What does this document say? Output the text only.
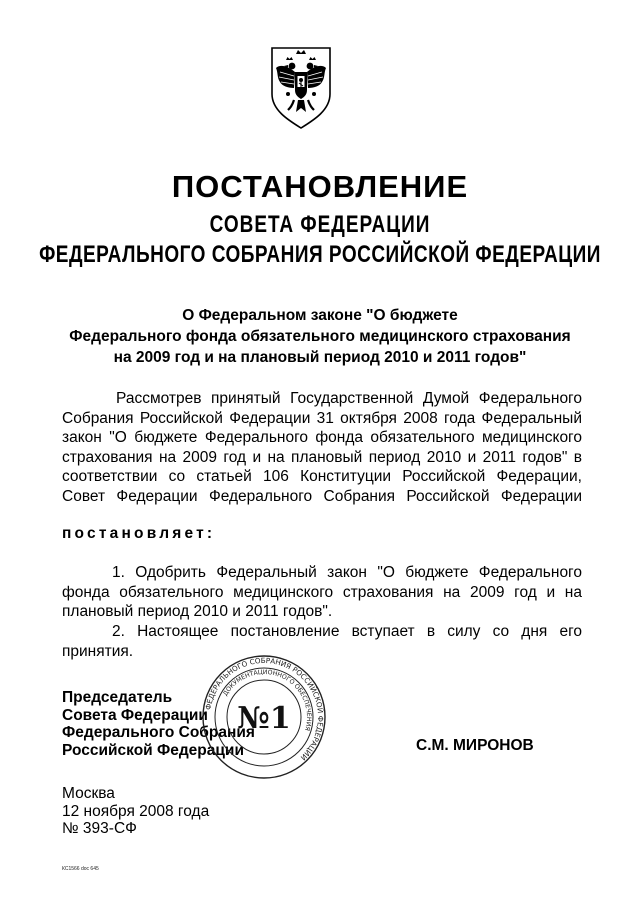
ПОСТАНОВЛЕНИЕ
СОВЕТА ФЕДЕРАЦИИ
ФЕДЕРАЛЬНОГО СОБРАНИЯ РОССИЙСКОЙ ФЕДЕРАЦИИ
О Федеральном законе "О бюджете
Федерального фонда обязательного медицинского страхования
на 2009 год и на плановый период 2010 и 2011 годов"
Рассмотрев принятый Государственной Думой Федерального Собрания Российской Федерации 31 октября 2008 года Федеральный закон "О бюджете Федерального фонда обязательного медицинского страхования на 2009 год и на плановый период 2010 и 2011 годов" в соответствии со статьей 106 Конституции Российской Федерации, Совет Федерации Федерального Собрания Российской Федерации
постановляет:
1. Одобрить Федеральный закон "О бюджете Федерального фонда обязательного медицинского страхования на 2009 год и на плановый период 2010 и 2011 годов".
2. Настоящее постановление вступает в силу со дня его принятия.
Председатель
Совета Федерации
Федерального Собрания
Российской Федерации
ФЕДЕРАЛЬНОГО СОБРАНИЯ РОССИЙСКОЙ ФЕДЕРАЦИИ
ДОКУМЕНТАЦИОННОГО ОБЕСПЕЧЕНИЯ
№1
С.М. МИРОНОВ
Москва
12 ноября 2008 года
№ 393-СФ
КС1566 doc 645
